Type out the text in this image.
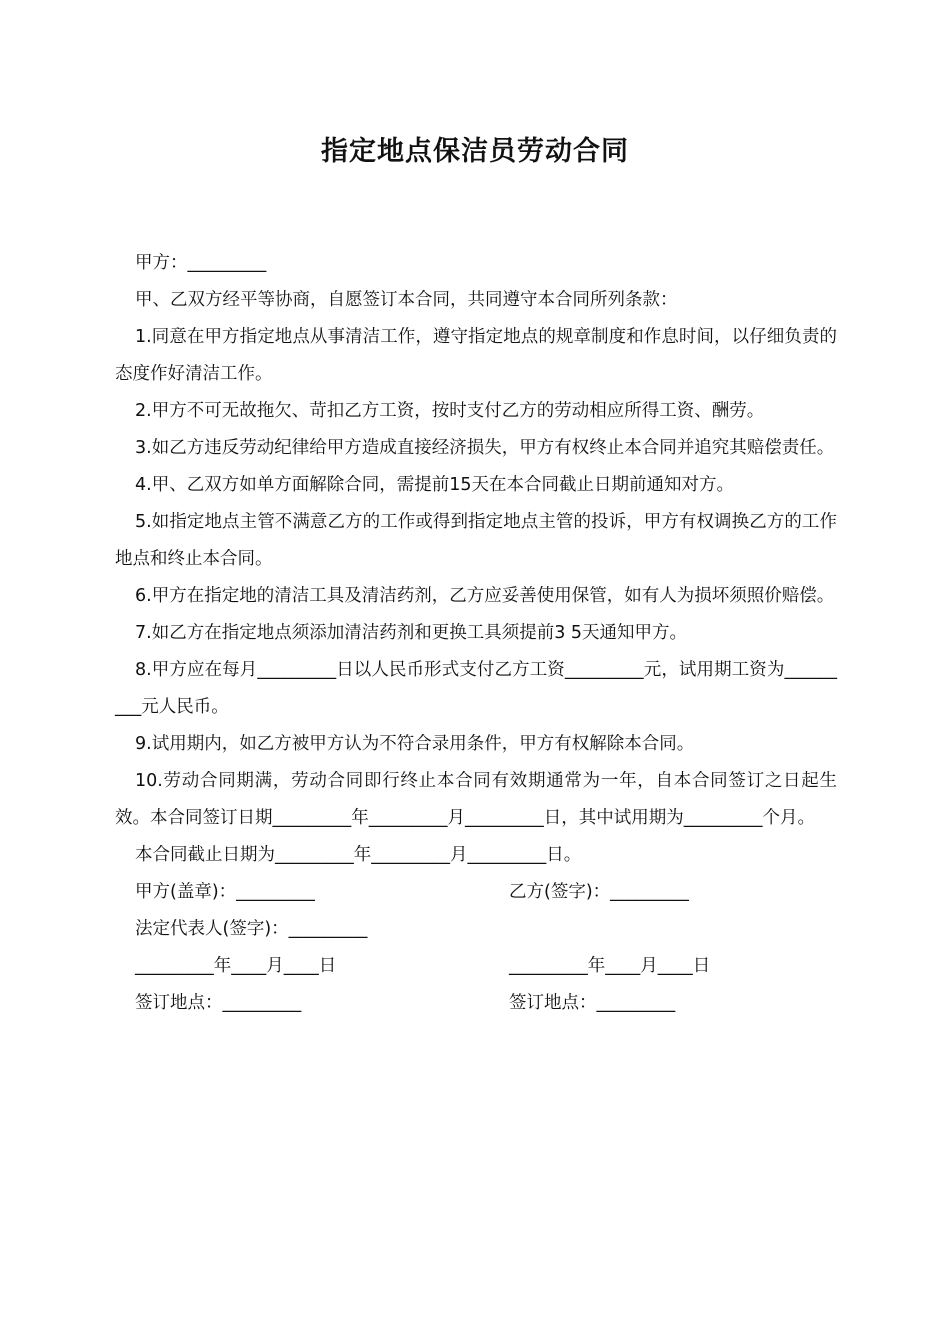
指定地点保洁员劳动合同

甲方：_________

甲、乙双方经平等协商，自愿签订本合同，共同遵守本合同所列条款：

1.同意在甲方指定地点从事清洁工作，遵守指定地点的规章制度和作息时间，以仔细负责的态度作好清洁工作。

2.甲方不可无故拖欠、苛扣乙方工资，按时支付乙方的劳动相应所得工资、酬劳。

3.如乙方违反劳动纪律给甲方造成直接经济损失，甲方有权终止本合同并追究其赔偿责任。

4.甲、乙双方如单方面解除合同，需提前15天在本合同截止日期前通知对方。

5.如指定地点主管不满意乙方的工作或得到指定地点主管的投诉，甲方有权调换乙方的工作地点和终止本合同。

6.甲方在指定地的清洁工具及清洁药剂，乙方应妥善使用保管，如有人为损坏须照价赔偿。

7.如乙方在指定地点须添加清洁药剂和更换工具须提前3 5天通知甲方。

8.甲方应在每月_________日以人民币形式支付乙方工资_________元，试用期工资为_________元人民币。

9.试用期内，如乙方被甲方认为不符合录用条件，甲方有权解除本合同。

10.劳动合同期满，劳动合同即行终止本合同有效期通常为一年，自本合同签订之日起生效。本合同签订日期_________年_________月_________日，其中试用期为_________个月。

本合同截止日期为_________年_________月_________日。

甲方(盖章)：_________	乙方(签字)：_________
法定代表人(签字)：_________
_________年____月____日	_________年____月____日
签订地点：_________	签订地点：_________
